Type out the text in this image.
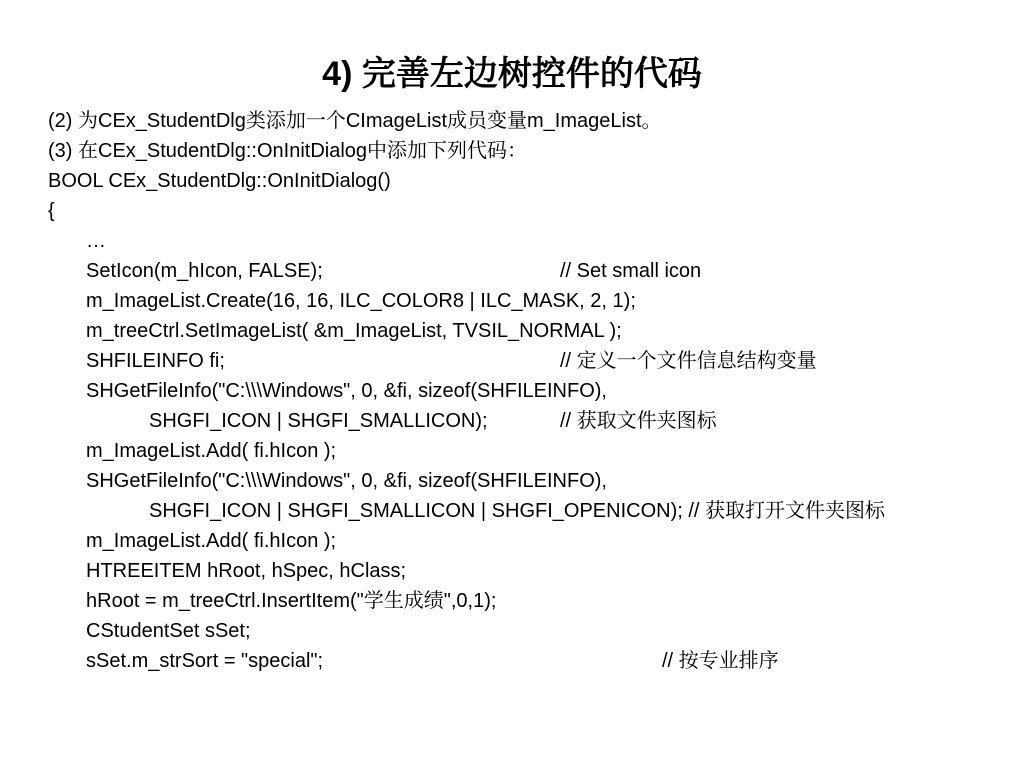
4) 完善左边树控件的代码
(2) 为CEx_StudentDlg类添加一个CImageList成员变量m_ImageList。
(3) 在CEx_StudentDlg::OnInitDialog中添加下列代码：
BOOL CEx_StudentDlg::OnInitDialog()
{
…
SetIcon(m_hIcon, FALSE);	// Set small icon
m_ImageList.Create(16, 16, ILC_COLOR8 | ILC_MASK, 2, 1);
m_treeCtrl.SetImageList( &m_ImageList, TVSIL_NORMAL );
SHFILEINFO fi;	// 定义一个文件信息结构变量
SHGetFileInfo("C:\\\Windows", 0, &fi, sizeof(SHFILEINFO),
SHGFI_ICON | SHGFI_SMALLICON);	// 获取文件夹图标
m_ImageList.Add( fi.hIcon );
SHGetFileInfo("C:\\\Windows", 0, &fi, sizeof(SHFILEINFO),
SHGFI_ICON | SHGFI_SMALLICON | SHGFI_OPENICON); // 获取打开文件夹图标
m_ImageList.Add( fi.hIcon );
HTREEITEM hRoot, hSpec, hClass;
hRoot = m_treeCtrl.InsertItem("学生成绩",0,1);
CStudentSet sSet;
sSet.m_strSort = "special";	// 按专业排序
